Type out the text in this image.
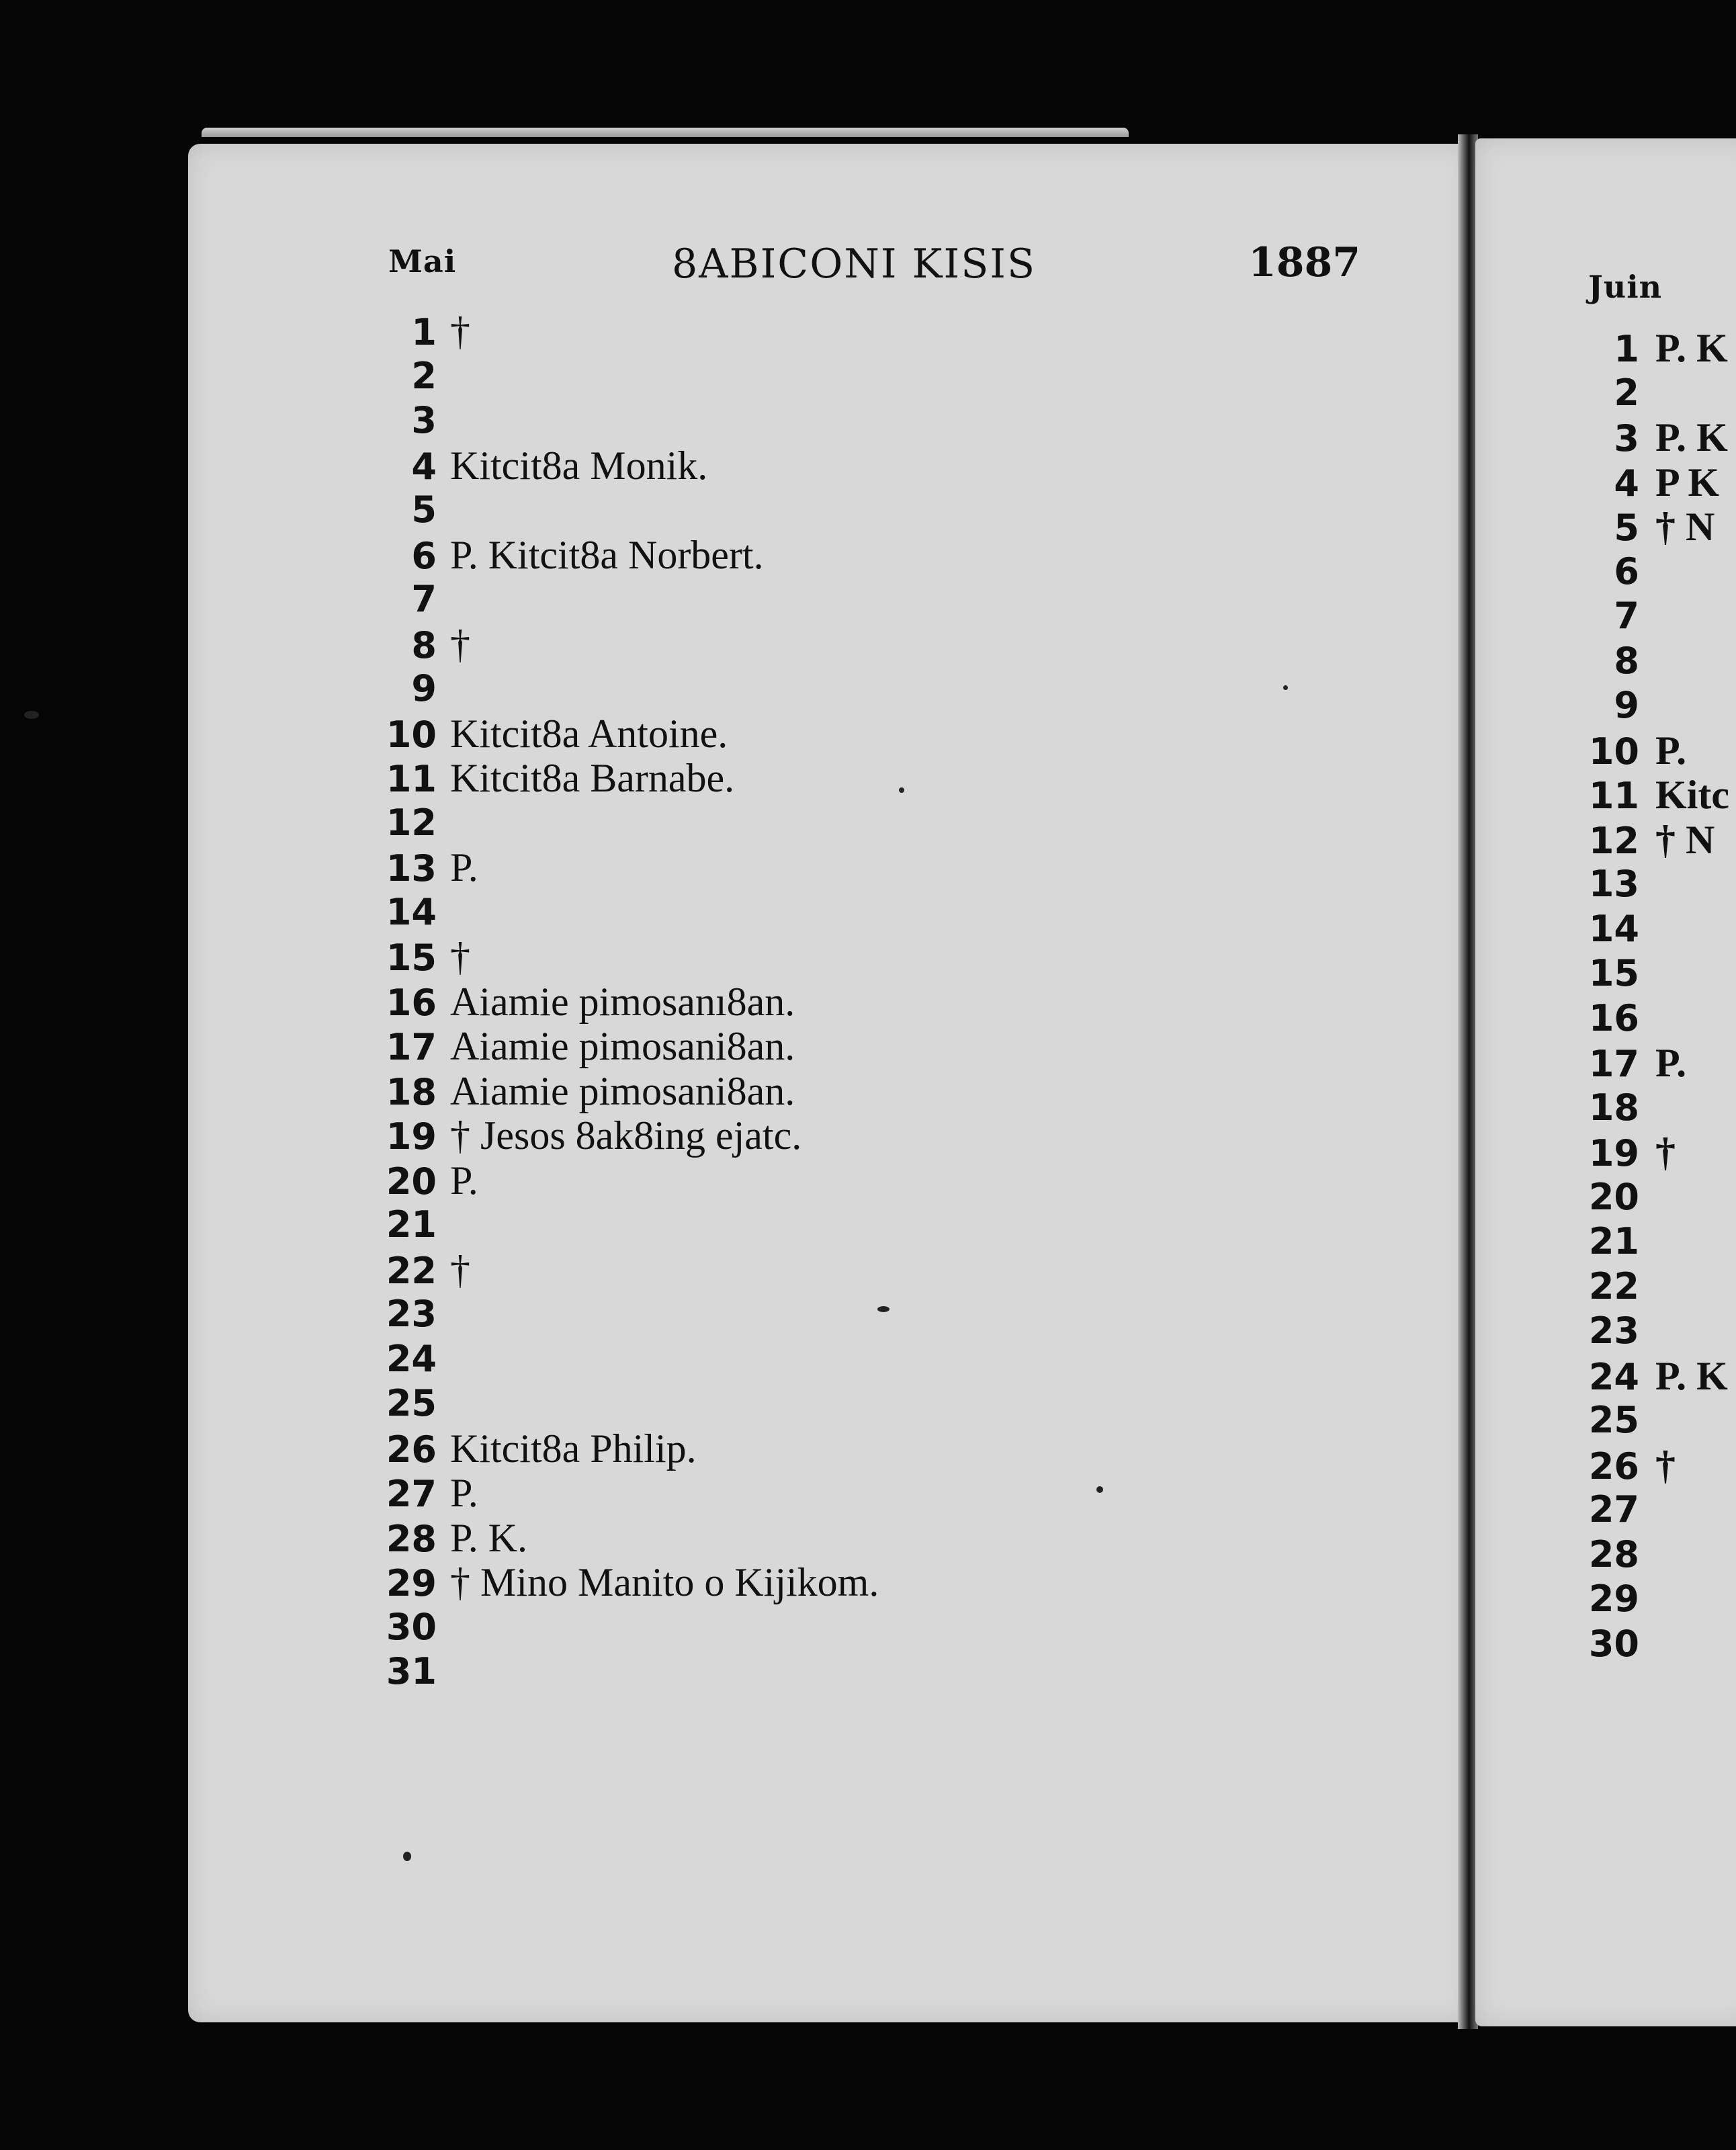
Mai	8ABICONI KISIS	1887
1 †
2
3
4 Kitcit8a Monik.
5
6 P. Kitcit8a Norbert.
7
8 †
9
10 Kitcit8a Antoine.
11 Kitcit8a Barnabe.
12
13 P.
14
15 †
16 Aiamie pimosanı8an.
17 Aiamie pimosani8an.
18 Aiamie pimosani8an.
19 † Jesos 8ak8ing ejatc.
20 P.
21
22 †
23
24
25
26 Kitcit8a Philip.
27 P.
28 P. K.
29 † Mino Manito o Kijikom.
30
31
Juin
1 P. K
2
3 P. K
4 P K
5 † N
6
7
8
9
10 P.
11 Kitc
12 † N
13
14
15
16
17 P.
18
19 †
20
21
22
23
24 P. K
25
26 †
27
28
29
30
